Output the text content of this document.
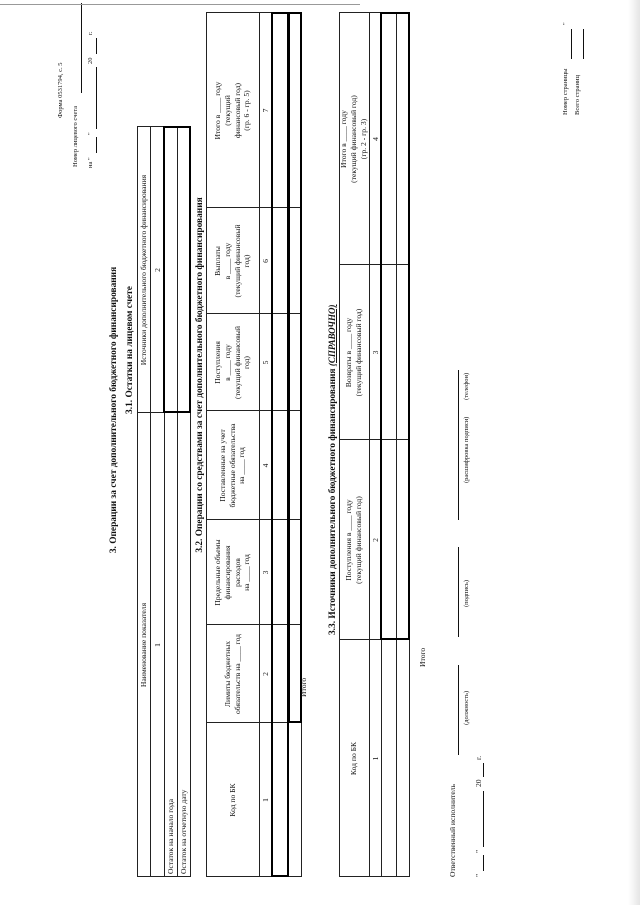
Форма 0531794, с. 5
Номер лицевого счета на "
"
20
г.
3. Операции за счет дополнительного бюджетного финансирования 3.1. Остатки на лицевом счете
Наименование показателя
Источники дополнительного бюджетного финансирования
1
2
Остаток на начало года Остаток на отчетную дату
3.2. Операции со средствами за счет дополнительного бюджетного финансирования
Код по БК
Лимиты бюджетных обязательств на ____ год
Предельные объемы финансирования расходов на ____ год
Поставленные на учет бюджетные обязательства на ____ год
Поступления в ____ году (текущий финансовый год)
Выплаты в ____ году (текущий финансовый год)
Итого в ____ году (текущий финансовый год) (гр. 6 - гр. 5)
1
2
3
4
5
6
7
Итого
3.3. Источники дополнительного бюджетного финансирования (СПРАВОЧНО)
Код по БК
Поступления в ____ году (текущий финансовый год)
Возвраты в ____ году (текущий финансовый год)
Итого в ____ году (текущий финансовый год) (гр. 2 - гр. 3)
1
2
3
4
Итого
Ответственный исполнитель
(должность)
(подпись)
(расшифровка подписи)
(телефон)
"
"
20
г.
Номер страницы
"
Всего страниц
